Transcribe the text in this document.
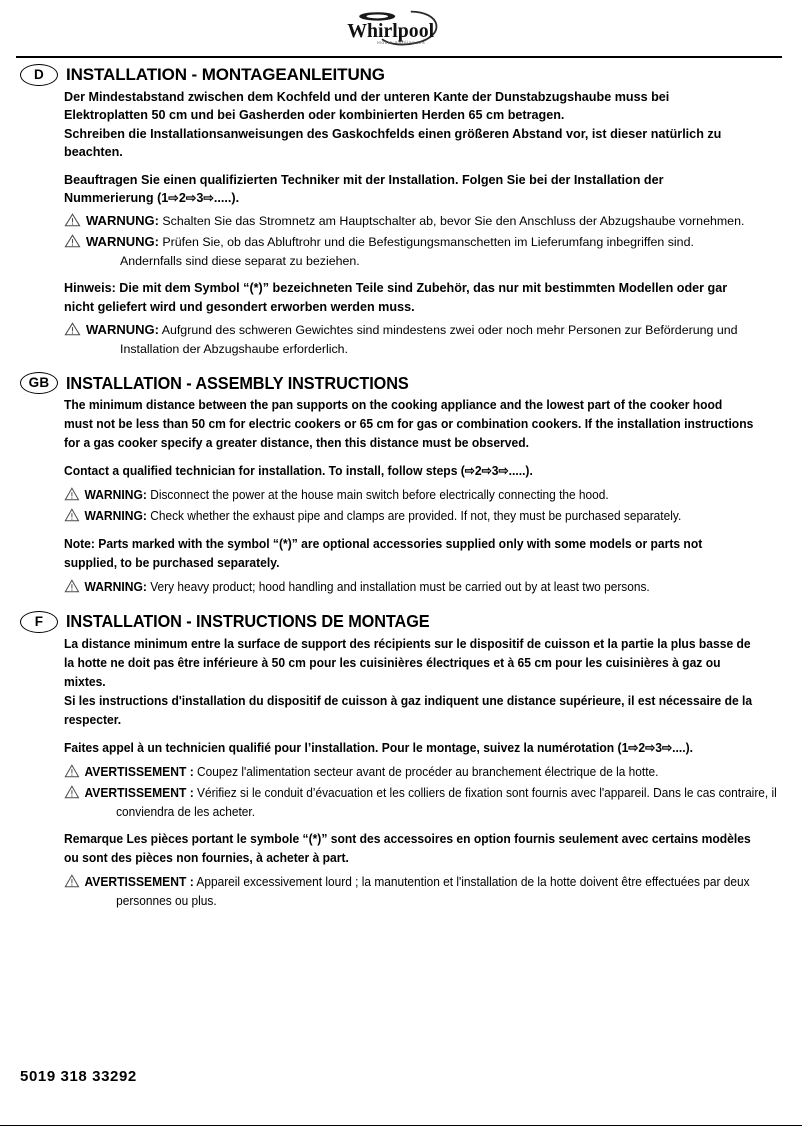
Whirlpool
Home Appliances
D	INSTALLATION - MONTAGEANLEITUNG

Der Mindestabstand zwischen dem Kochfeld und der unteren Kante der Dunstabzugshaube muss bei Elektroplatten 50 cm und bei Gasherden oder kombinierten Herden 65 cm betragen.

Schreiben die Installationsanweisungen des Gaskochfelds einen größeren Abstand vor, ist dieser natürlich zu beachten.

Beauftragen Sie einen qualifizierten Techniker mit der Installation. Folgen Sie bei der Installation der Nummerierung (1⇨2⇨3⇨.....).

WARNUNG: Schalten Sie das Stromnetz am Hauptschalter ab, bevor Sie den Anschluss der Abzugshaube vornehmen.

WARNUNG: Prüfen Sie, ob das Abluftrohr und die Befestigungsmanschetten im Lieferumfang inbegriffen sind. Andernfalls sind diese separat zu beziehen.

Hinweis: Die mit dem Symbol “(*)” bezeichneten Teile sind Zubehör, das nur mit bestimmten Modellen oder gar nicht geliefert wird und gesondert erworben werden muss.

WARNUNG: Aufgrund des schweren Gewichtes sind mindestens zwei oder noch mehr Personen zur Beförderung und Installation der Abzugshaube erforderlich.

GB INSTALLATION - ASSEMBLY INSTRUCTIONS

The minimum distance between the pan supports on the cooking appliance and the lowest part of the cooker hood must not be less than 50 cm for electric cookers or 65 cm for gas or combination cookers. If the installation instructions for a gas cooker specify a greater distance, then this distance must be observed.

Contact a qualified technician for installation. To install, follow steps (⇨2⇨3⇨.....).

WARNING: Disconnect the power at the house main switch before electrically connecting the hood.

WARNING: Check whether the exhaust pipe and clamps are provided. If not, they must be purchased separately.

Note: Parts marked with the symbol “(*)” are optional accessories supplied only with some models or parts not supplied, to be purchased separately.

WARNING: Very heavy product; hood handling and installation must be carried out by at least two persons.

F	INSTALLATION - INSTRUCTIONS DE MONTAGE

La distance minimum entre la surface de support des récipients sur le dispositif de cuisson et la partie la plus basse de la hotte ne doit pas être inférieure à 50 cm pour les cuisinières électriques et à 65 cm pour les cuisinières à gaz ou mixtes.

Si les instructions d'installation du dispositif de cuisson à gaz indiquent une distance supérieure, il est nécessaire de la respecter.

Faites appel à un technicien qualifié pour l’installation. Pour le montage, suivez la numérotation (1⇨2⇨3⇨....).

AVERTISSEMENT : Coupez l'alimentation secteur avant de procéder au branchement électrique de la hotte.

AVERTISSEMENT : Vérifiez si le conduit d’évacuation et les colliers de fixation sont fournis avec l'appareil. Dans le cas contraire, il conviendra de les acheter.

Remarque Les pièces portant le symbole “(*)” sont des accessoires en option fournis seulement avec certains modèles ou sont des pièces non fournies, à acheter à part.

AVERTISSEMENT : Appareil excessivement lourd ; la manutention et l'installation de la hotte doivent être effectuées par deux personnes ou plus.

5019 318 33292
